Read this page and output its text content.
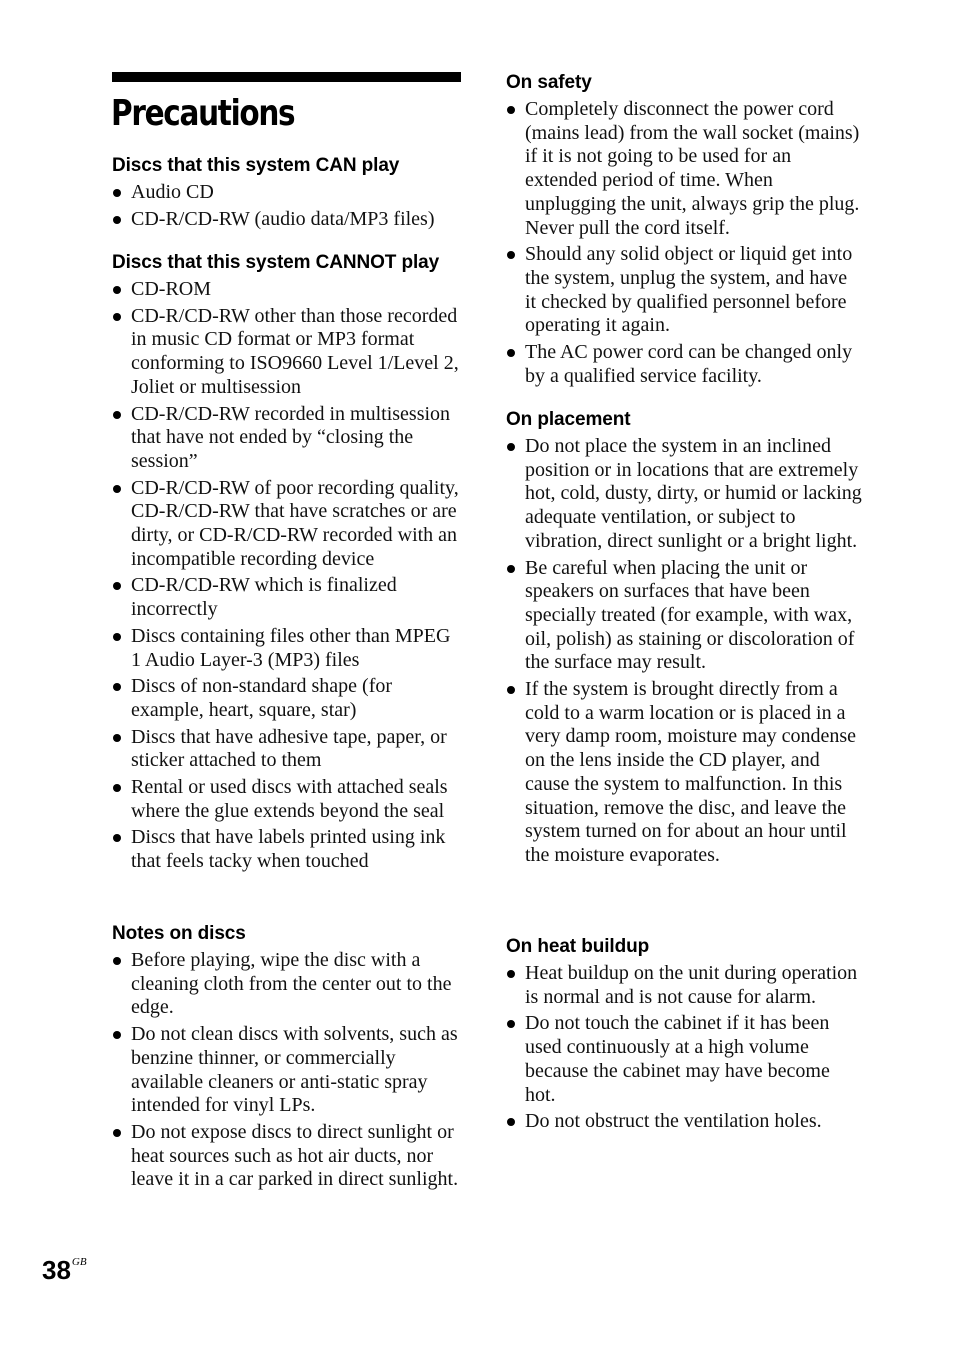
Precautions
Discs that this system CAN play
Audio CD
CD-R/CD-RW (audio data/MP3 files)
Discs that this system CANNOT play
CD-ROM
CD-R/CD-RW other than those recorded in music CD format or MP3 format conforming to ISO9660 Level 1/Level 2, Joliet or multisession
CD-R/CD-RW recorded in multisession that have not ended by “closing the session”
CD-R/CD-RW of poor recording quality, CD-R/CD-RW that have scratches or are dirty, or CD-R/CD-RW recorded with an incompatible recording device
CD-R/CD-RW which is finalized incorrectly
Discs containing files other than MPEG 1 Audio Layer-3 (MP3) files
Discs of non-standard shape (for example, heart, square, star)
Discs that have adhesive tape, paper, or sticker attached to them
Rental or used discs with attached seals where the glue extends beyond the seal
Discs that have labels printed using ink that feels tacky when touched
Notes on discs
Before playing, wipe the disc with a cleaning cloth from the center out to the edge.
Do not clean discs with solvents, such as benzine thinner, or commercially available cleaners or anti-static spray intended for vinyl LPs.
Do not expose discs to direct sunlight or heat sources such as hot air ducts, nor leave it in a car parked in direct sunlight.
On safety
Completely disconnect the power cord (mains lead) from the wall socket (mains) if it is not going to be used for an extended period of time. When unplugging the unit, always grip the plug. Never pull the cord itself.
Should any solid object or liquid get into the system, unplug the system, and have it checked by qualified personnel before operating it again.
The AC power cord can be changed only by a qualified service facility.
On placement
Do not place the system in an inclined position or in locations that are extremely hot, cold, dusty, dirty, or humid or lacking adequate ventilation, or subject to vibration, direct sunlight or a bright light.
Be careful when placing the unit or speakers on surfaces that have been specially treated (for example, with wax, oil, polish) as staining or discoloration of the surface may result.
If the system is brought directly from a cold to a warm location or is placed in a very damp room, moisture may condense on the lens inside the CD player, and cause the system to malfunction. In this situation, remove the disc, and leave the system turned on for about an hour until the moisture evaporates.
On heat buildup
Heat buildup on the unit during operation is normal and is not cause for alarm.
Do not touch the cabinet if it has been used continuously at a high volume because the cabinet may have become hot.
Do not obstruct the ventilation holes.
$38^{GB}$
